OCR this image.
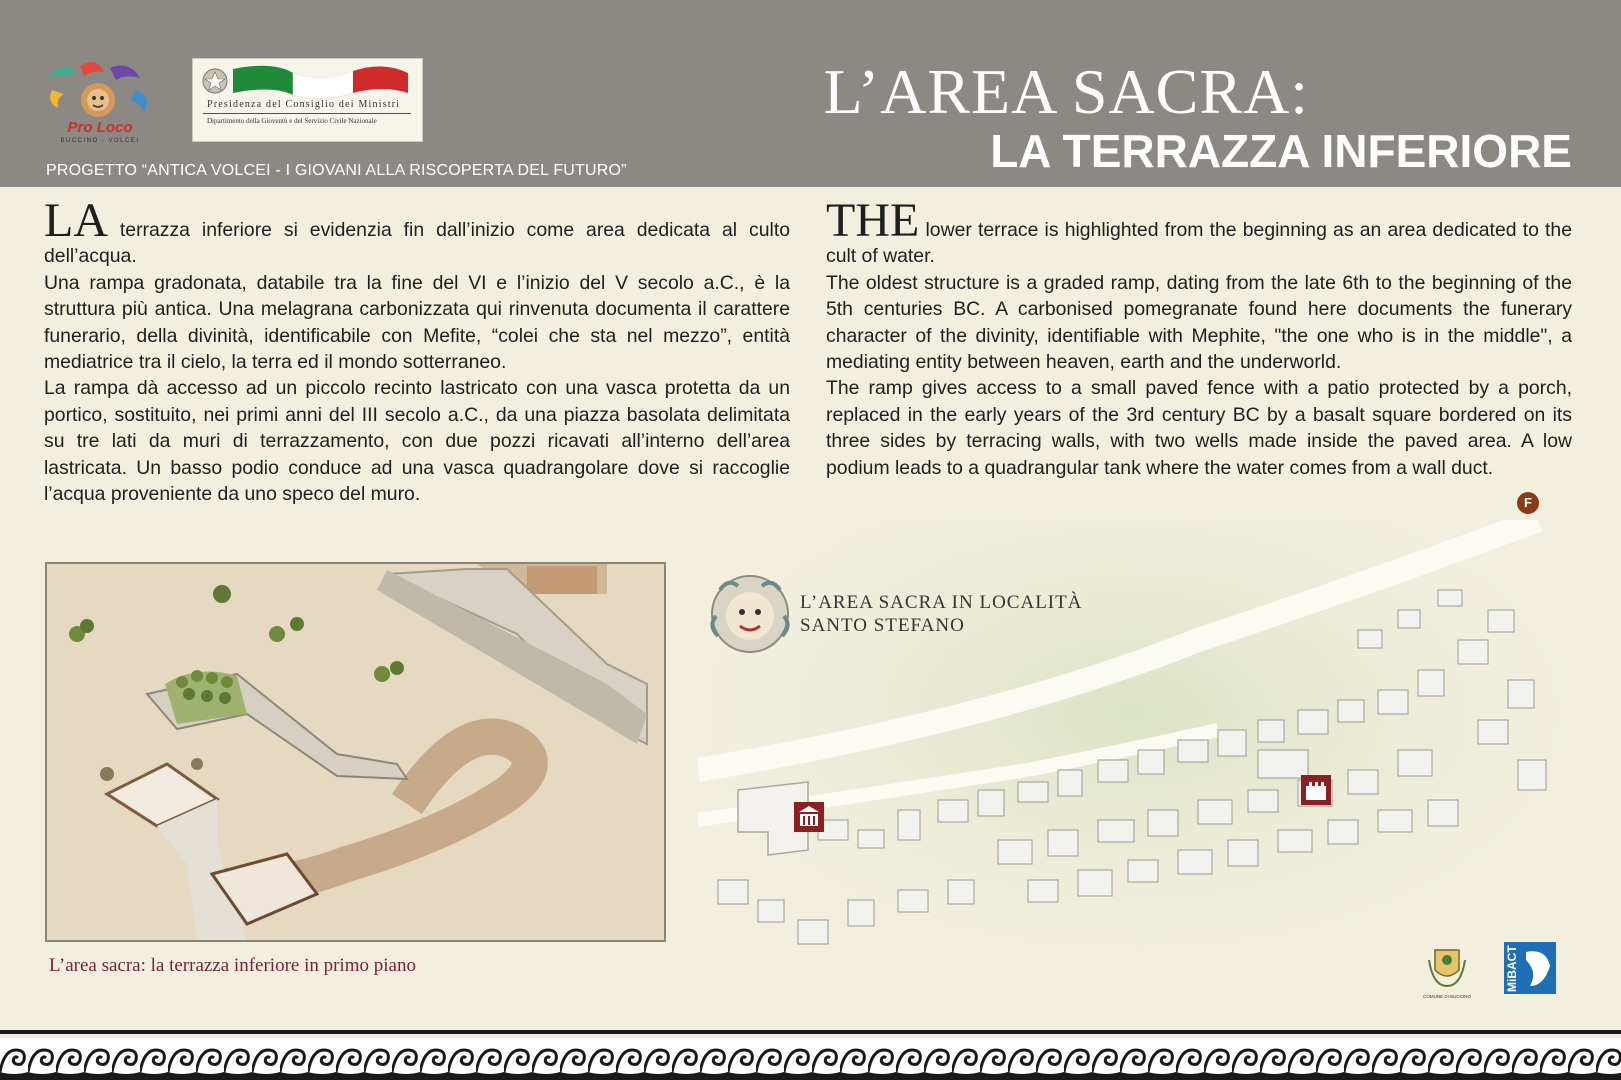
Pro Loco
BUCCINO - VOLCEI
Presidenza del Consiglio dei Ministri
Dipartimento della Gioventù e del Servizio Civile Nazionale
PROGETTO “ANTICA VOLCEI - I GIOVANI ALLA RISCOPERTA DEL FUTURO”
L’AREA SACRA:
LA TERRAZZA INFERIORE

LA terrazza inferiore si evidenzia fin dall’inizio come area dedicata al culto dell’acqua.

Una rampa gradonata, databile tra la fine del VI e l’inizio del V secolo a.C., è la struttura più antica. Una melagrana carbonizzata qui rinvenuta documenta il carattere funerario, della divinità, identificabile con Mefite, “colei che sta nel mezzo”, entità mediatrice tra il cielo, la terra ed il mondo sotterraneo.

La rampa dà accesso ad un piccolo recinto lastricato con una vasca protetta da un portico, sostituito, nei primi anni del III secolo a.C., da una piazza basolata delimitata su tre lati da muri di terrazzamento, con due pozzi ricavati all’interno dell’area lastricata. Un basso podio conduce ad una vasca quadrangolare dove si raccoglie l’acqua proveniente da uno speco del muro.

THE lower terrace is highlighted from the beginning as an area dedicated to the cult of water.

The oldest structure is a graded ramp, dating from the late 6th to the beginning of the 5th centuries BC. A carbonised pomegranate found here documents the funerary character of the divinity, identifiable with Mephite, "the one who is in the middle", a mediating entity between heaven, earth and the underworld.

The ramp gives access to a small paved fence with a patio protected by a porch, replaced in the early years of the 3rd century BC by a basalt square bordered on its three sides by terracing walls, with two wells made inside the paved area. A low podium leads to a quadrangular tank where the water comes from a wall duct.

F
L’area sacra: la terrazza inferiore in primo piano
COMUNE DI BUCCINO
MiBACT
L’AREA SACRA IN LOCALITÀ
SANTO STEFANO
